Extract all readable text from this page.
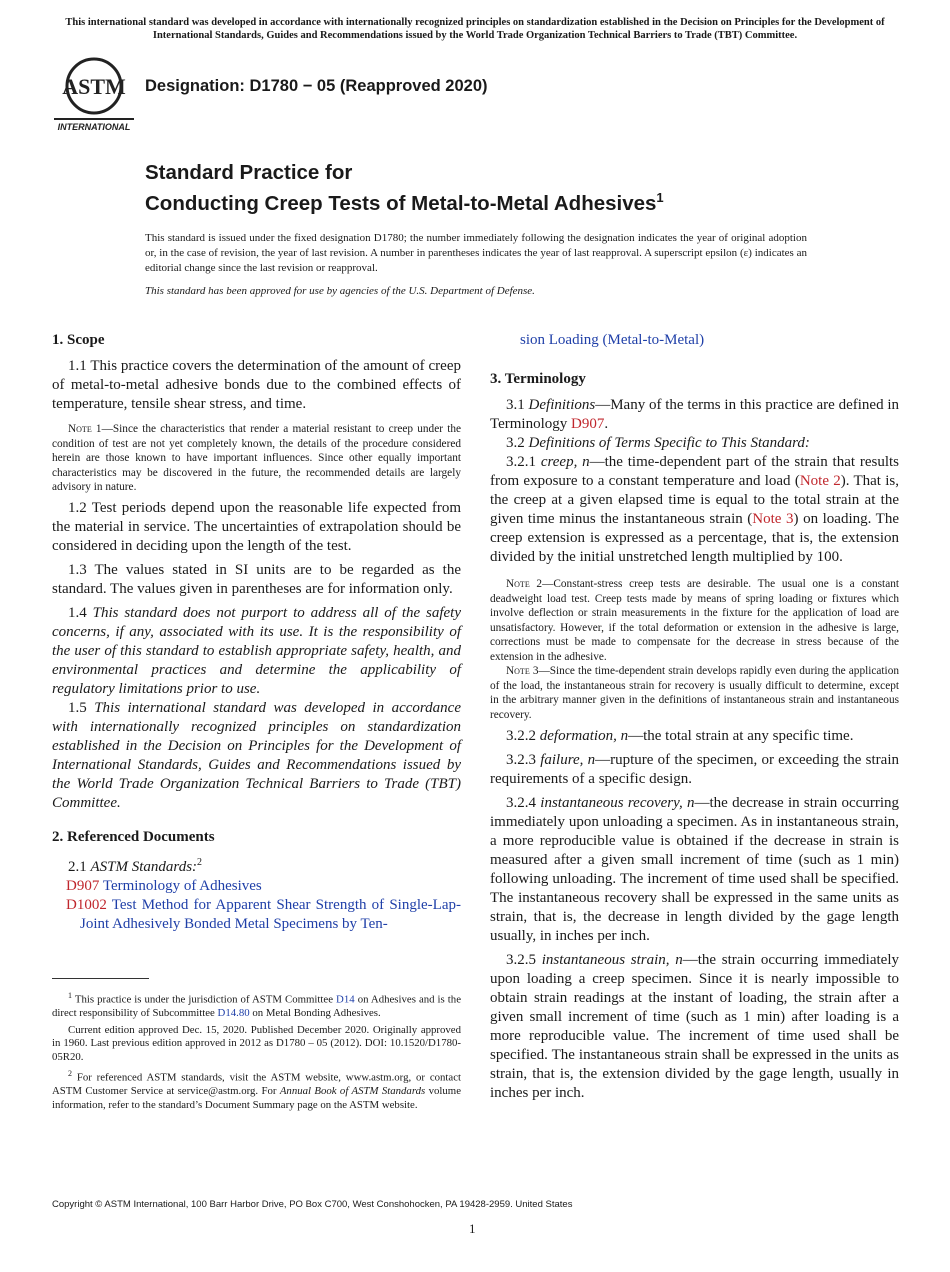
This international standard was developed in accordance with internationally recognized principles on standardization established in the Decision on Principles for the Development of International Standards, Guides and Recommendations issued by the World Trade Organization Technical Barriers to Trade (TBT) Committee.
ASTM
INTERNATIONAL
Designation: D1780 − 05 (Reapproved 2020)
Standard Practice for
Conducting Creep Tests of Metal-to-Metal Adhesives$^1$
This standard is issued under the fixed designation D1780; the number immediately following the designation indicates the year of original adoption or, in the case of revision, the year of last revision. A number in parentheses indicates the year of last reapproval. A superscript epsilon (ε) indicates an editorial change since the last revision or reapproval.
This standard has been approved for use by agencies of the U.S. Department of Defense.

1. Scope

1.1 This practice covers the determination of the amount of creep of metal-to-metal adhesive bonds due to the combined effects of temperature, tensile shear stress, and time.

Note 1—Since the characteristics that render a material resistant to creep under the condition of test are not yet completely known, the details of the procedure considered herein are those known to have important influences. Since other equally important characteristics may be discovered in the future, the recommended details are largely advisory in nature.

1.2 Test periods depend upon the reasonable life expected from the material in service. The uncertainties of extrapolation should be considered in deciding upon the length of the test.

1.3 The values stated in SI units are to be regarded as the standard. The values given in parentheses are for information only.

1.4 This standard does not purport to address all of the safety concerns, if any, associated with its use. It is the responsibility of the user of this standard to establish appropriate safety, health, and environmental practices and determine the applicability of regulatory limitations prior to use.

1.5 This international standard was developed in accordance with internationally recognized principles on standardization established in the Decision on Principles for the Development of International Standards, Guides and Recommendations issued by the World Trade Organization Technical Barriers to Trade (TBT) Committee.

2. Referenced Documents

2.1 ASTM Standards:$^2$

D907 Terminology of Adhesives

D1002 Test Method for Apparent Shear Strength of Single-Lap-Joint Adhesively Bonded Metal Specimens by Ten-

$^1$ This practice is under the jurisdiction of ASTM Committee D14 on Adhesives and is the direct responsibility of Subcommittee D14.80 on Metal Bonding Adhesives.

Current edition approved Dec. 15, 2020. Published December 2020. Originally approved in 1960. Last previous edition approved in 2012 as D1780 – 05 (2012). DOI: 10.1520/D1780-05R20.

$^2$ For referenced ASTM standards, visit the ASTM website, www.astm.org, or contact ASTM Customer Service at service@astm.org. For Annual Book of ASTM Standards volume information, refer to the standard’s Document Summary page on the ASTM website.

sion Loading (Metal-to-Metal)

3. Terminology

3.1 Definitions—Many of the terms in this practice are defined in Terminology D907.

3.2 Definitions of Terms Specific to This Standard:

3.2.1 creep, n—the time-dependent part of the strain that results from exposure to a constant temperature and load (Note 2). That is, the creep at a given elapsed time is equal to the total strain at the given time minus the instantaneous strain (Note 3) on loading. The creep extension is expressed as a percentage, that is, the extension divided by the initial unstretched length multiplied by 100.

Note 2—Constant-stress creep tests are desirable. The usual one is a constant deadweight load test. Creep tests made by means of spring loading or fixtures which involve deflection or strain measurements in the fixture for the application of load are unsatisfactory. However, if the total deformation or extension in the adhesive is large, corrections must be made to compensate for the decrease in stress because of the extension in the adhesive.

Note 3—Since the time-dependent strain develops rapidly even during the application of the load, the instantaneous strain for recovery is usually difficult to determine, except in the arbitrary manner given in the definitions of instantaneous strain and instantaneous recovery.

3.2.2 deformation, n—the total strain at any specific time.

3.2.3 failure, n—rupture of the specimen, or exceeding the strain requirements of a specific design.

3.2.4 instantaneous recovery, n—the decrease in strain occurring immediately upon unloading a specimen. As in instantaneous strain, a more reproducible value is obtained if the decrease in strain is measured after a given small increment of time (such as 1 min) following unloading. The increment of time used shall be specified. The instantaneous recovery shall be expressed in the same units as strain, that is, the decrease in length divided by the gage length usually, in inches per inch.

3.2.5 instantaneous strain, n—the strain occurring immediately upon loading a creep specimen. Since it is nearly impossible to obtain strain readings at the instant of loading, the strain after a given small increment of time (such as 1 min) after loading is a more reproducible value. The increment of time used shall be specified. The instantaneous strain shall be expressed in the units as strain, that is, the extension divided by the gage length, usually in inches per inch.

Copyright © ASTM International, 100 Barr Harbor Drive, PO Box C700, West Conshohocken, PA 19428-2959. United States
1
